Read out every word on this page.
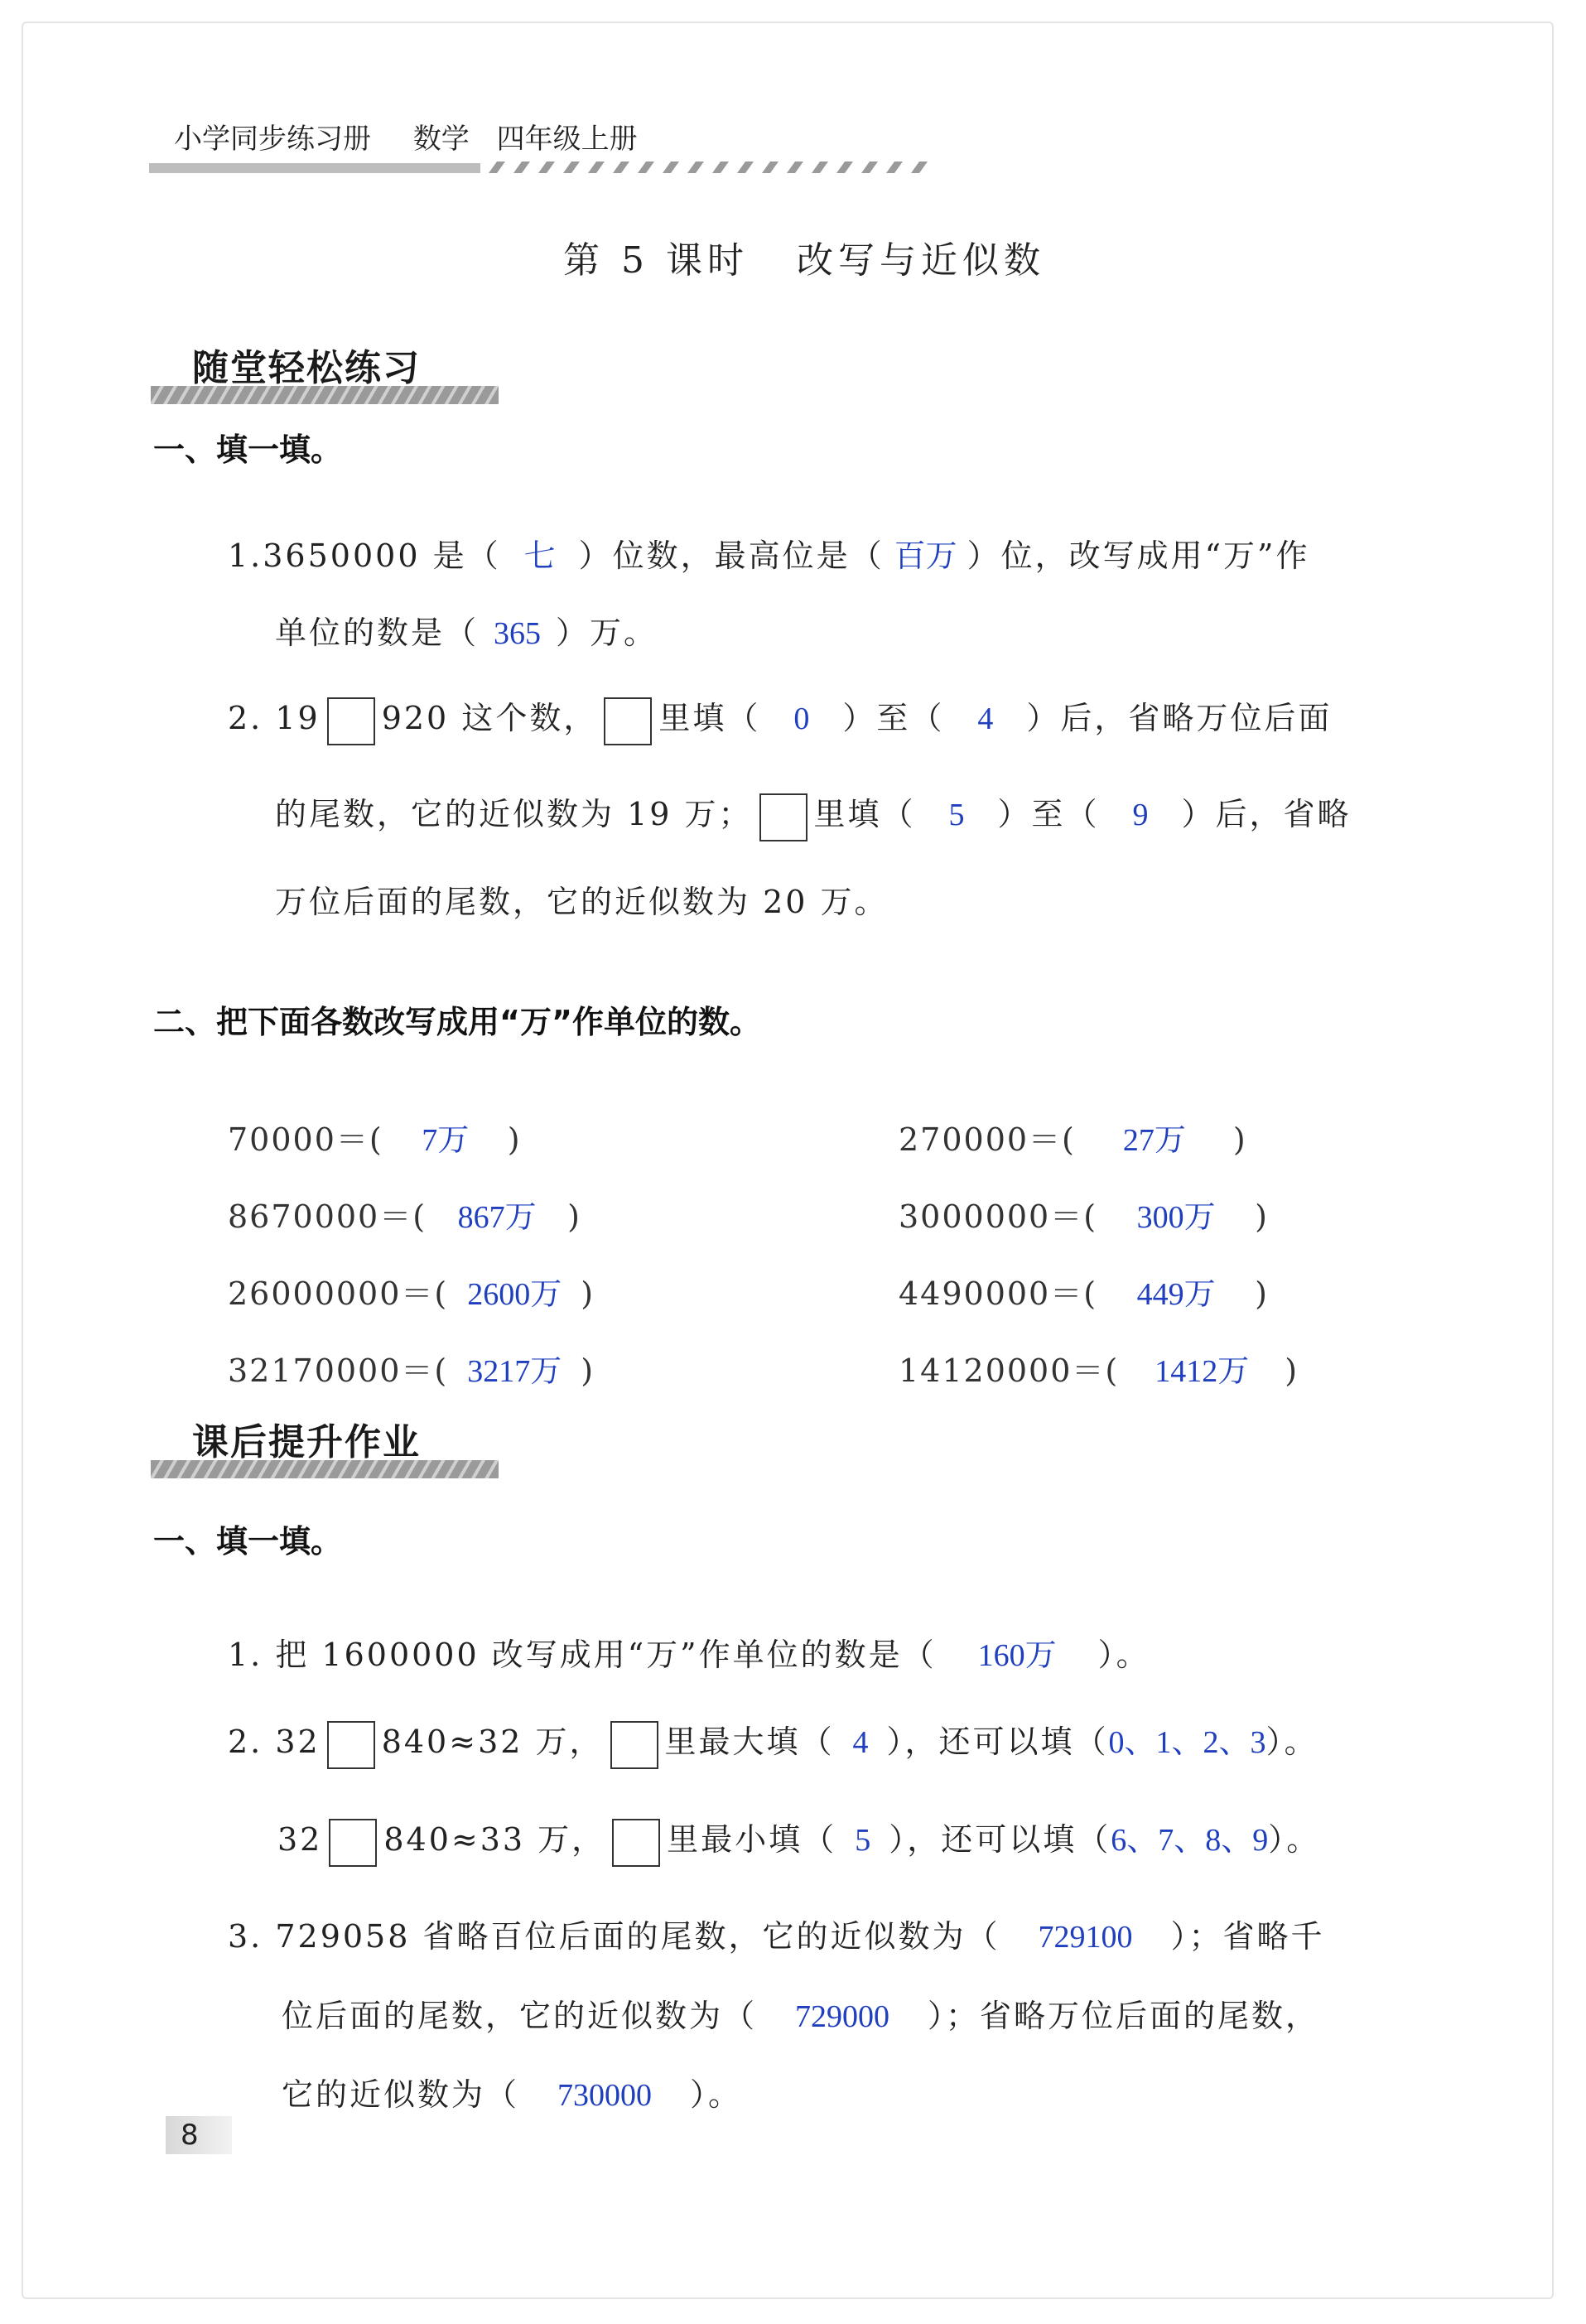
小学同步练习册 数学 四年级上册
第 5 课时 改写与近似数
随堂轻松练习
一、填一填。
1.3650000 是（ 七 ）位数，最高位是（ 百万 ）位，改写成用“万”作
单位的数是（ 365 ）万。
2. 19 920 这个数， 里填（ 0 ）至（ 4 ）后，省略万位后面
的尾数，它的近似数为 19 万； 里填（ 5 ）至（ 9 ）后，省略
万位后面的尾数，它的近似数为 20 万。
二、把下面各数改写成用“万”作单位的数。
70000＝( 7万 )
8670000＝( 867万 )
26000000＝( 2600万 )
32170000＝( 3217万 )
270000＝( 27万 )
3000000＝( 300万 )
4490000＝( 449万 )
14120000＝( 1412万 )
课后提升作业
一、填一填。
1. 把 1600000 改写成用“万”作单位的数是（ 160万 ）。
2. 32 840≈32 万， 里最大填（ 4 ），还可以填（0、1、2、3）。
32 840≈33 万， 里最小填（ 5 ），还可以填（6、7、8、9）。
3. 729058 省略百位后面的尾数，它的近似数为（ 729100 ）；省略千
位后面的尾数，它的近似数为（ 729000 ）；省略万位后面的尾数，
它的近似数为（ 730000 ）。
8
